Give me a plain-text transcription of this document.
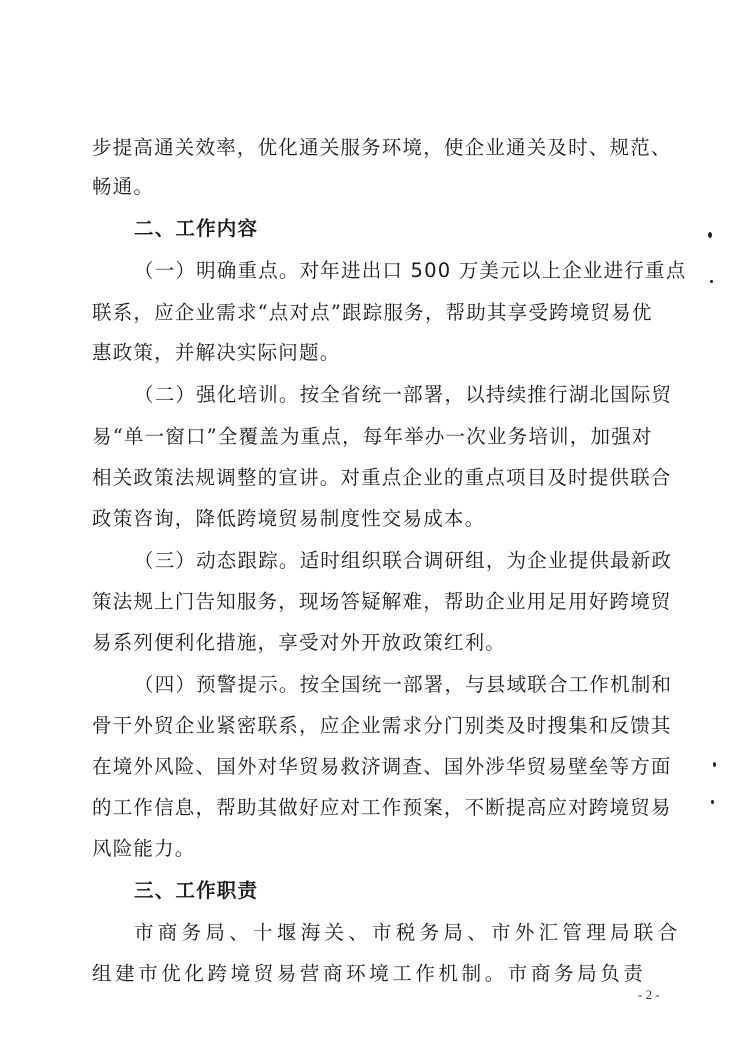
步提高通关效率，优化通关服务环境，使企业通关及时、规范、
畅通。
二、工作内容
（一）明确重点。对年进出口 500 万美元以上企业进行重点
联系，应企业需求“点对点”跟踪服务，帮助其享受跨境贸易优
惠政策，并解决实际问题。
（二）强化培训。按全省统一部署，以持续推行湖北国际贸
易“单一窗口”全覆盖为重点，每年举办一次业务培训，加强对
相关政策法规调整的宣讲。对重点企业的重点项目及时提供联合
政策咨询，降低跨境贸易制度性交易成本。
（三）动态跟踪。适时组织联合调研组，为企业提供最新政
策法规上门告知服务，现场答疑解难，帮助企业用足用好跨境贸
易系列便利化措施，享受对外开放政策红利。
（四）预警提示。按全国统一部署，与县域联合工作机制和
骨干外贸企业紧密联系，应企业需求分门别类及时搜集和反馈其
在境外风险、国外对华贸易救济调查、国外涉华贸易壁垒等方面
的工作信息，帮助其做好应对工作预案，不断提高应对跨境贸易
风险能力。
三、工作职责
市商务局、十堰海关、市税务局、市外汇管理局联合
组建市优化跨境贸易营商环境工作机制。市商务局负责
- 2 -
